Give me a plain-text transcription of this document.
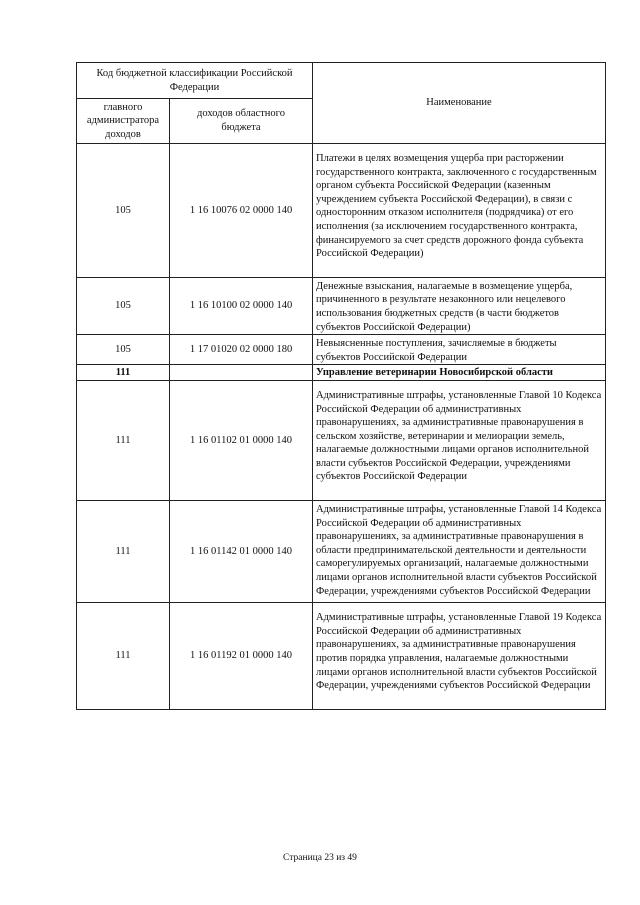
Код бюджетной классификации Российской Федерации		Наименование
главного администратора доходов	доходов областного бюджета	
105	1 16 10076 02 0000 140	Платежи в целях возмещения ущерба при расторжении государственного контракта, заключенного с государственным органом субъекта Российской Федерации (казенным учреждением субъекта Российской Федерации), в связи с односторонним отказом исполнителя (подрядчика) от его исполнения (за исключением государственного контракта, финансируемого за счет средств дорожного фонда субъекта Российской Федерации)
105	1 16 10100 02 0000 140	Денежные взыскания, налагаемые в возмещение ущерба, причиненного в результате незаконного или нецелевого использования бюджетных средств (в части бюджетов субъектов Российской Федерации)
105	1 17 01020 02 0000 180	Невыясненные поступления, зачисляемые в бюджеты субъектов Российской Федерации
111		Управление ветеринарии Новосибирской области
111	1 16 01102 01 0000 140	Административные штрафы, установленные Главой 10 Кодекса Российской Федерации об административных правонарушениях, за административные правонарушения в сельском хозяйстве, ветеринарии и мелиорации земель, налагаемые должностными лицами органов исполнительной власти субъектов Российской Федерации, учреждениями субъектов Российской Федерации
111	1 16 01142 01 0000 140	Административные штрафы, установленные Главой 14 Кодекса Российской Федерации об административных правонарушениях, за административные правонарушения в области предпринимательской деятельности и деятельности саморегулируемых организаций, налагаемые должностными лицами органов исполнительной власти субъектов Российской Федерации, учреждениями субъектов Российской Федерации
111	1 16 01192 01 0000 140	Административные штрафы, установленные Главой 19 Кодекса Российской Федерации об административных правонарушениях, за административные правонарушения против порядка управления, налагаемые должностными лицами органов исполнительной власти субъектов Российской Федерации, учреждениями субъектов Российской Федерации
Страница 23 из 49
